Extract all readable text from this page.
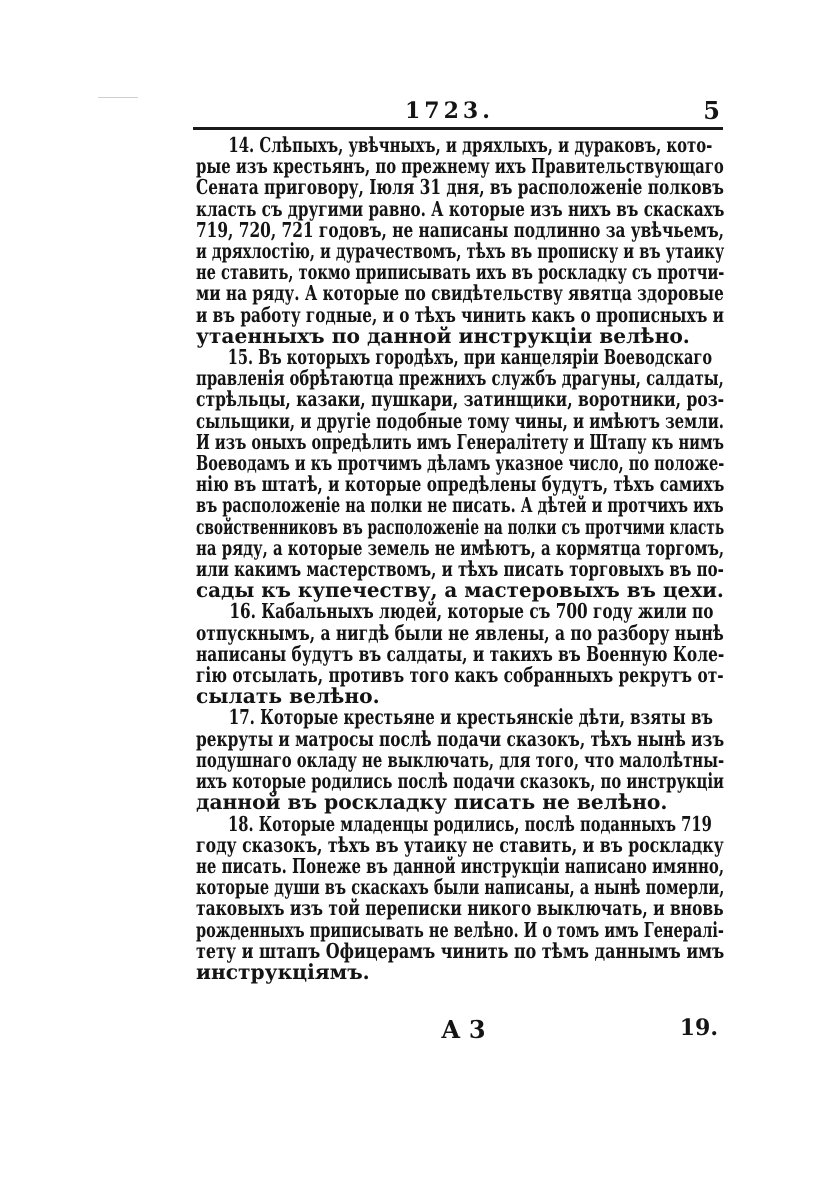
1723.	5

14. Слѣпыхъ, увѣчныхъ, и дряхлыхъ, и дураковъ, кото-
рые изъ крестьянъ, по прежнему ихъ Правительствующаго
Сената приговору, Іюля 31 дня, въ расположеніе полковъ
класть съ другими равно. А которые изъ нихъ въ скаскахъ
719, 720, 721 годовъ, не написаны подлинно за увѣчьемъ,
и дряхлостію, и дурачествомъ, тѣхъ въ прописку и въ утаику
не ставить, токмо приписывать ихъ въ роскладку съ протчи-
ми на ряду. А которые по свидѣтельству явятца здоровые
и въ работу годные, и о тѣхъ чинить какъ о прописныхъ и
утаенныхъ по данной инструкціи велѣно.

15. Въ которыхъ городѣхъ, при канцеляріи Воеводскаго
правленія обрѣтаютца прежнихъ службъ драгуны, салдаты,
стрѣльцы, казаки, пушкари, затинщики, воротники, роз-
сыльщики, и другіе подобные тому чины, и имѣютъ земли.
И изъ оныхъ опредѣлить имъ Генералітету и Штапу къ нимъ
Воеводамъ и къ протчимъ дѣламъ указное число, по положе-
нію въ штатѣ, и которые опредѣлены будутъ, тѣхъ самихъ
въ расположеніе на полки не писать. А дѣтей и протчихъ ихъ
свойственниковъ въ расположеніе на полки съ протчими класть
на ряду, а которые земель не имѣютъ, а кормятца торгомъ,
или какимъ мастерствомъ, и тѣхъ писать торговыхъ въ по-
сады къ купечеству, а мастеровыхъ въ цехи.

16. Кабальныхъ людей, которые съ 700 году жили по
отпускнымъ, а нигдѣ были не явлены, а по разбору нынѣ
написаны будутъ въ салдаты, и такихъ въ Военную Коле-
гію отсылать, противъ того какъ собранныхъ рекрутъ от-
сылать велѣно.

17. Которые крестьяне и крестьянскіе дѣти, взяты въ
рекруты и матросы послѣ подачи сказокъ, тѣхъ нынѣ изъ
подушнаго окладу не выключать, для того, что малолѣтны-
ихъ которые родились послѣ подачи сказокъ, по инструкціи
данной въ роскладку писать не велѣно.

18. Которые младенцы родились, послѣ поданныхъ 719
году сказокъ, тѣхъ въ утаику не ставить, и въ роскладку
не писать. Понеже въ данной инструкціи написано имянно,
которые души въ скаскахъ были написаны, а нынѣ померли,
таковыхъ изъ той переписки никого выключать, и вновь
рожденныхъ приписывать не велѣно. И о томъ имъ Генералі-
тету и штапъ Офицерамъ чинить по тѣмъ даннымъ имъ
инструкціямъ.

А 3	19.
